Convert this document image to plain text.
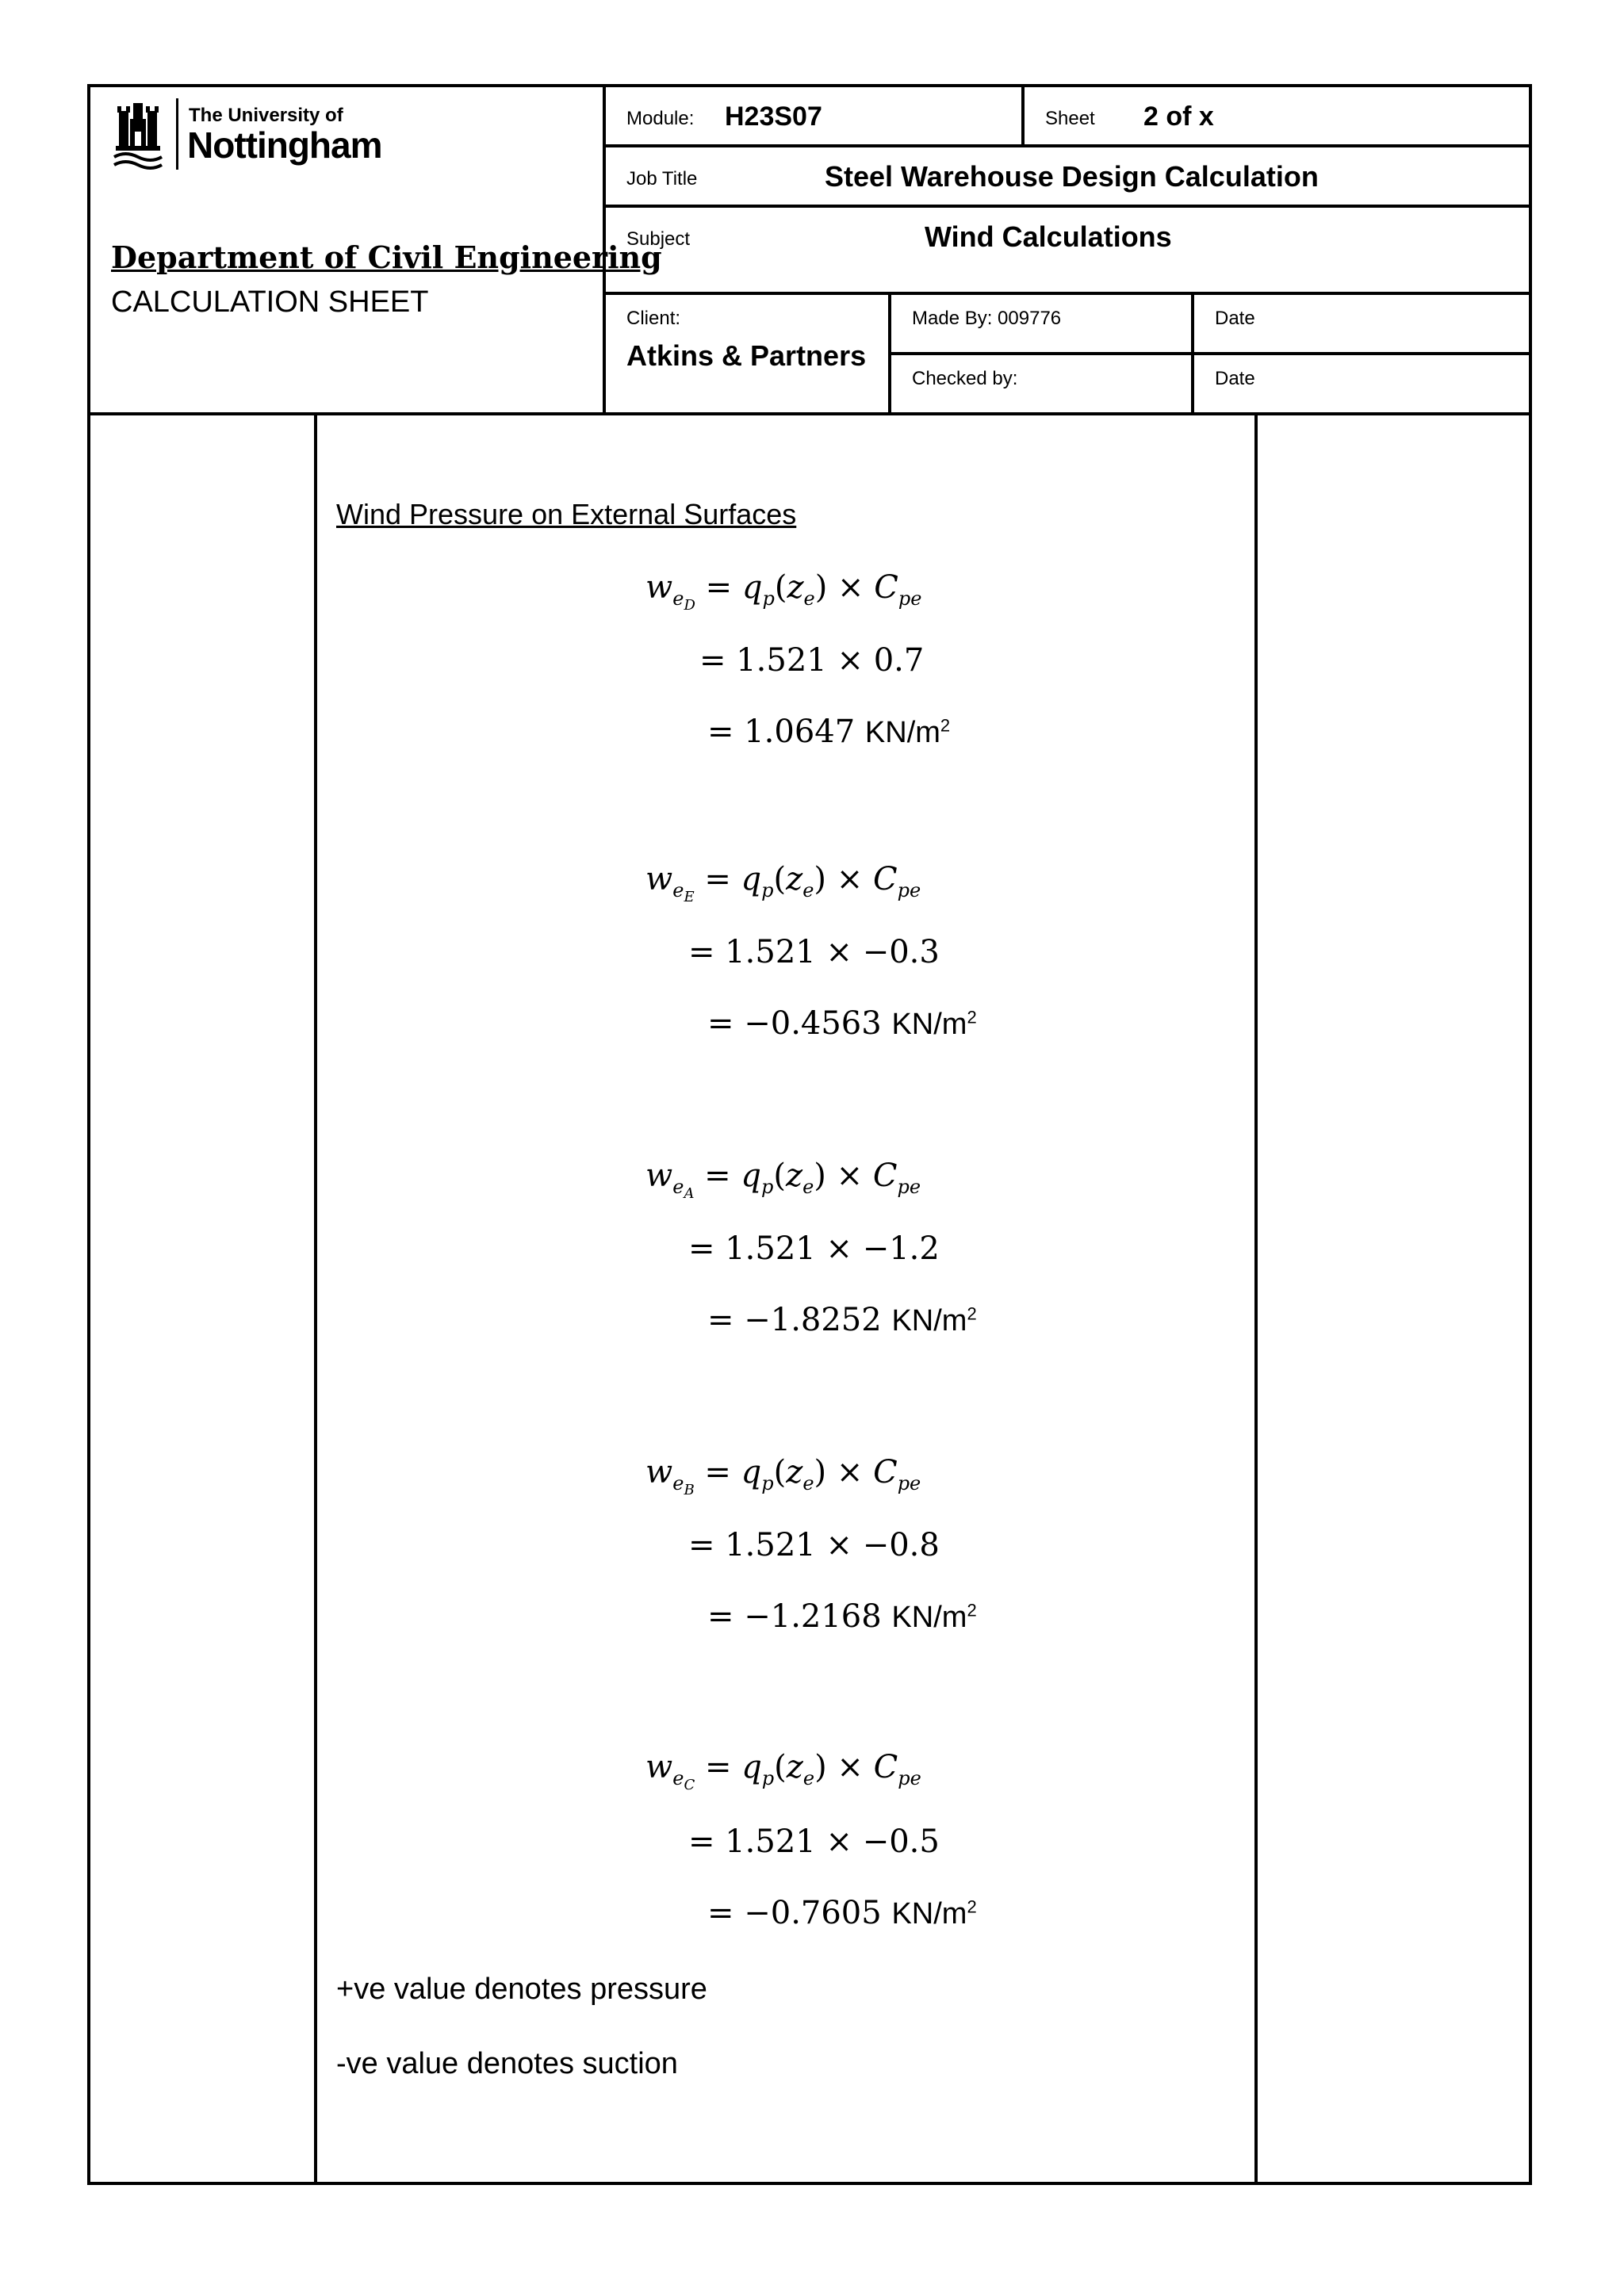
The University of
Nottingham
Department of Civil Engineering
CALCULATION SHEET
Module: H23S07	Sheet 2 of x
Job Title	Steel Warehouse Design Calculation
Subject	Wind Calculations
Client:
Atkins & Partners
Made By: 009776	Date
Checked by:	Date
Wind Pressure on External Surfaces
$w_{e_D} = q_p(z_e) \times C_{pe}$
= 1.521 × 0.7
= 1.0647 $KN/m^2$
$w_{e_E} = q_p(z_e) \times C_{pe}$
= 1.521 × −0.3
= −0.4563 $KN/m^2$
$w_{e_A} = q_p(z_e) \times C_{pe}$
= 1.521 × −1.2
= −1.8252 $KN/m^2$
$w_{e_B} = q_p(z_e) \times C_{pe}$
= 1.521 × −0.8
= −1.2168 $KN/m^2$
$w_{e_C} = q_p(z_e) \times C_{pe}$
= 1.521 × −0.5
= −0.7605 $KN/m^2$
+ve value denotes pressure
-ve value denotes suction
